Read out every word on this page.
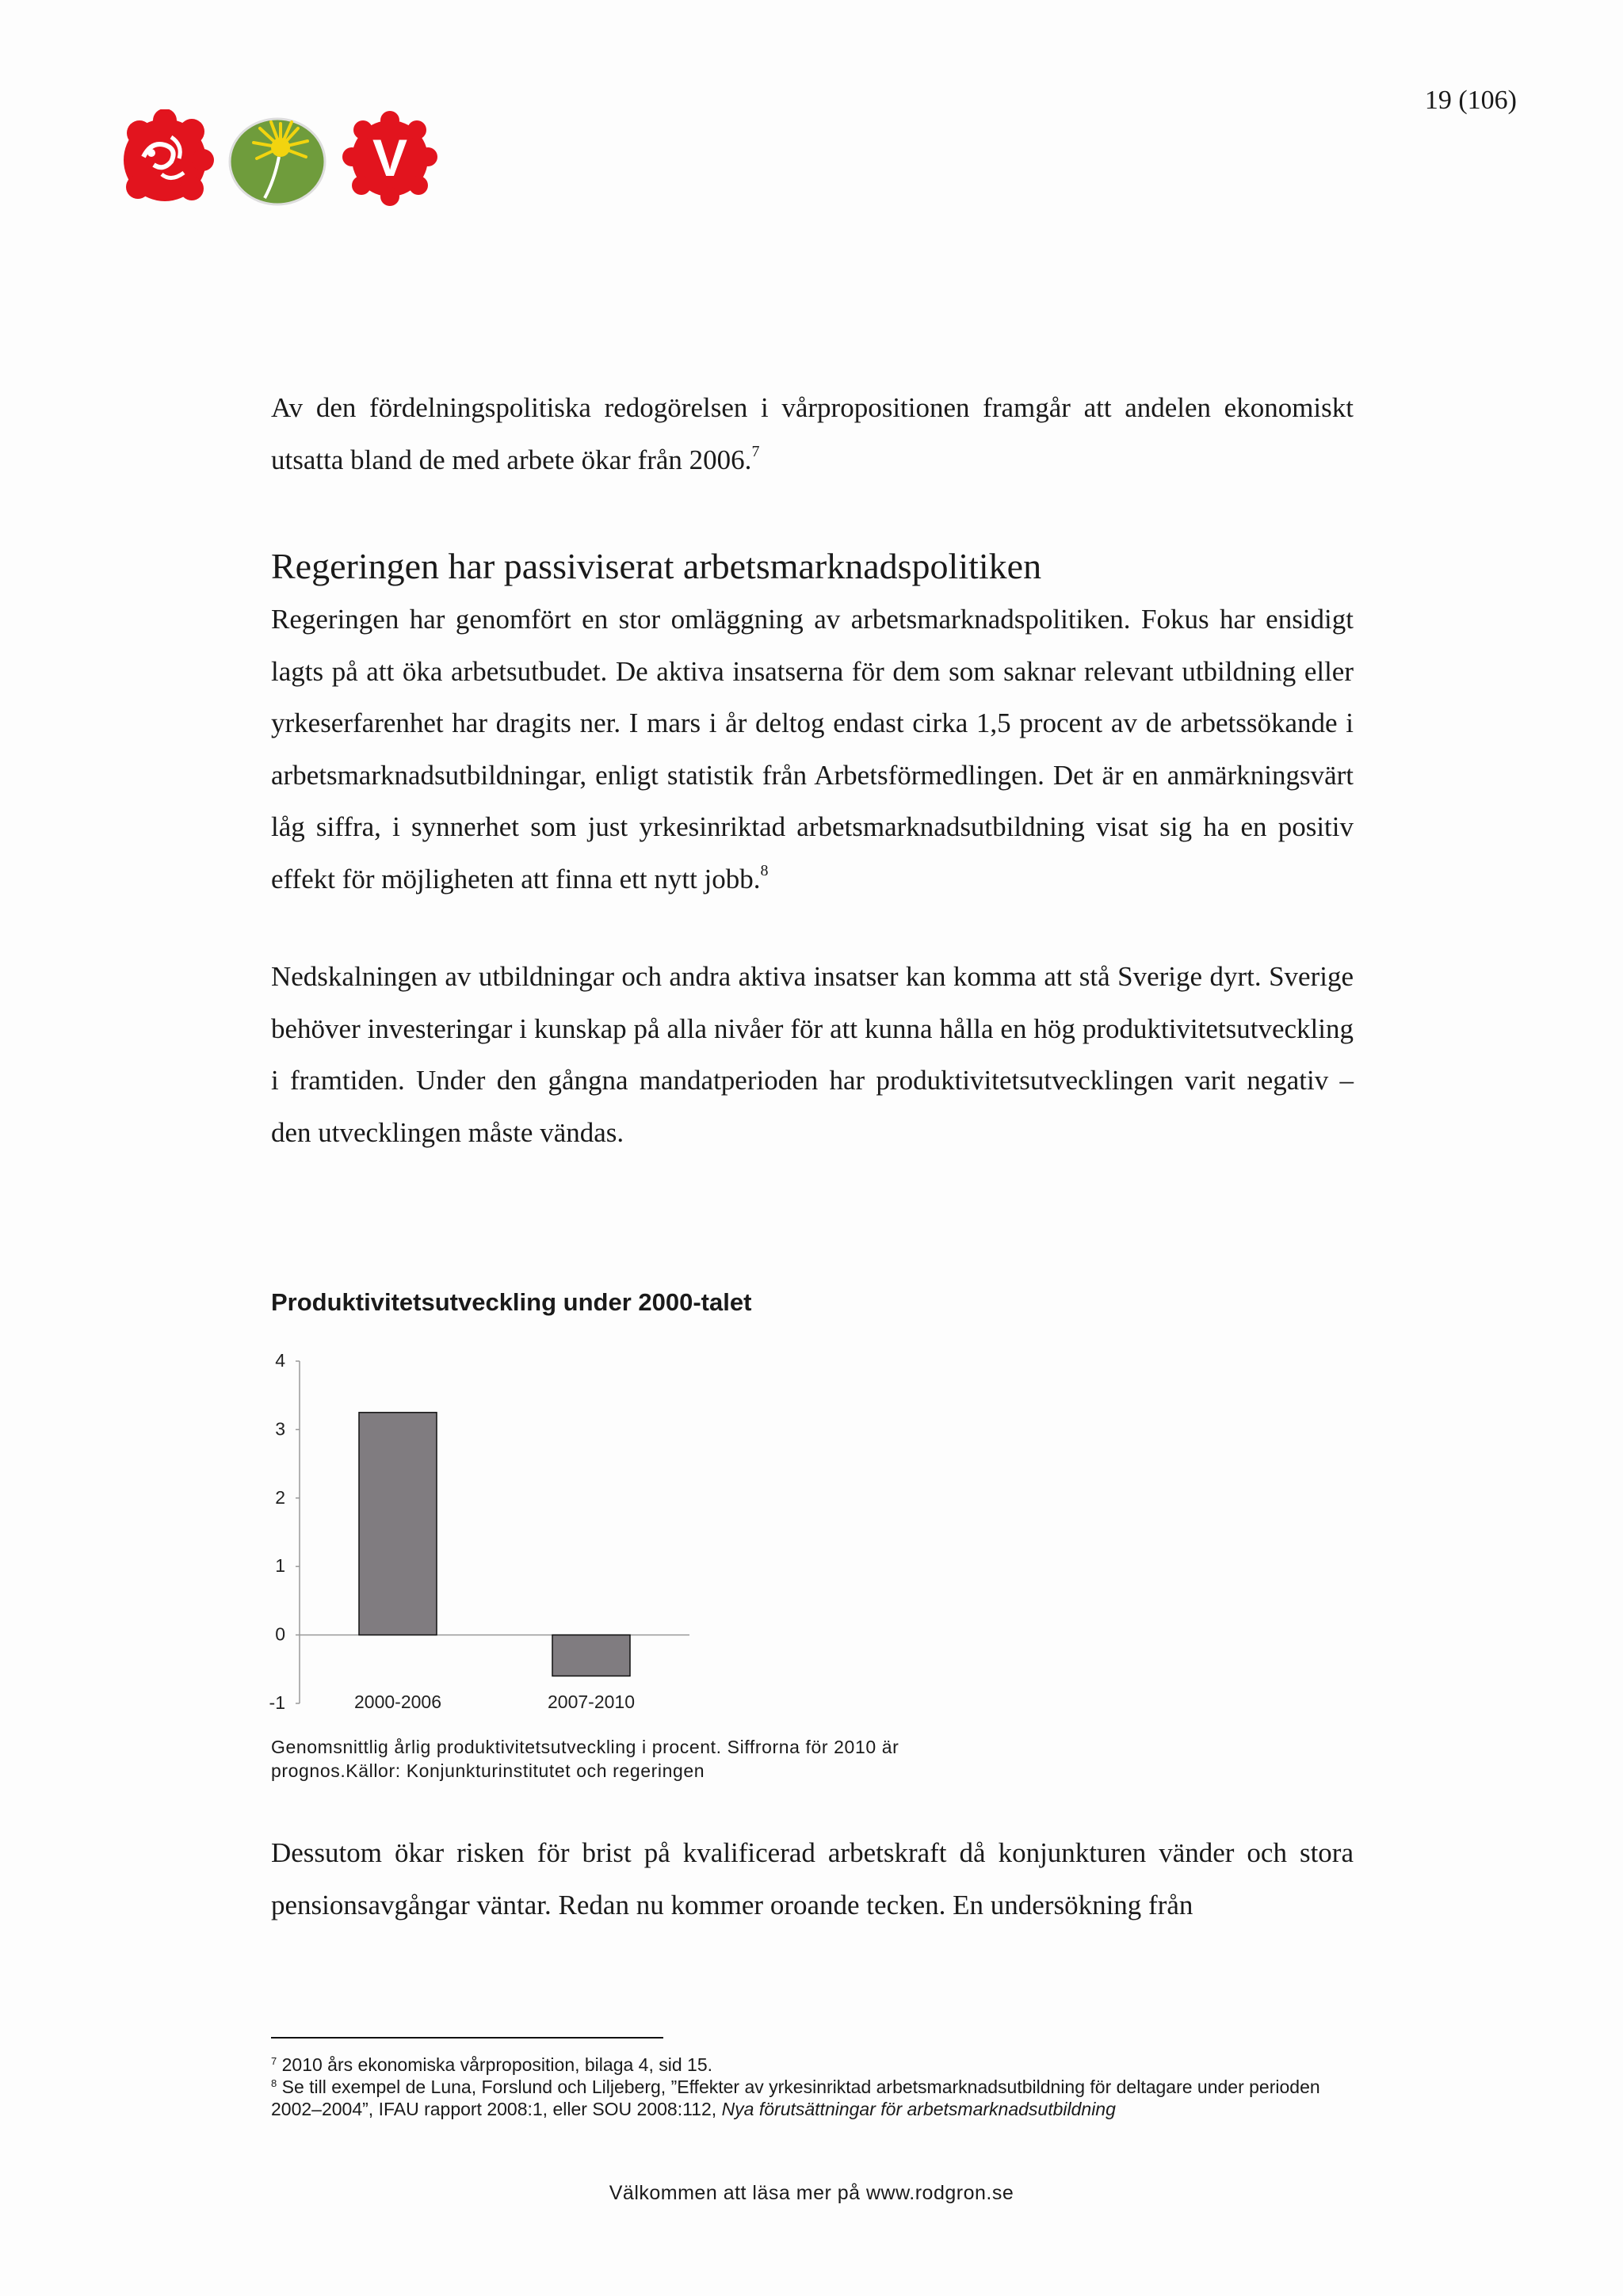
19 (106)
V

Av den fördelningspolitiska redogörelsen i vårpropositionen framgår att andelen ekonomiskt utsatta bland de med arbete ökar från 2006.$^7$

Regeringen har passiviserat arbetsmarknadspolitiken

Regeringen har genomfört en stor omläggning av arbetsmarknadspolitiken. Fokus har ensidigt lagts på att öka arbetsutbudet. De aktiva insatserna för dem som saknar relevant utbildning eller yrkeserfarenhet har dragits ner. I mars i år deltog endast cirka 1,5 procent av de arbetssökande i arbetsmarknadsutbildningar, enligt statistik från Arbetsförmedlingen. Det är en anmärkningsvärt låg siffra, i synnerhet som just yrkesinriktad arbetsmarknadsutbildning visat sig ha en positiv effekt för möjligheten att finna ett nytt jobb.$^8$

Nedskalningen av utbildningar och andra aktiva insatser kan komma att stå Sverige dyrt. Sverige behöver investeringar i kunskap på alla nivåer för att kunna hålla en hög produktivitetsutveckling i framtiden. Under den gångna mandatperioden har produktivitetsutvecklingen varit negativ – den utvecklingen måste vändas.

Produktivitetsutveckling under 2000-talet
4
3
2
1
0
-1	2000-2006	2007-2010
Genomsnittlig årlig produktivitetsutveckling i procent. Siffrorna för 2010 är prognos.Källor: Konjunkturinstitutet och regeringen

Dessutom ökar risken för brist på kvalificerad arbetskraft då konjunkturen vänder och stora pensionsavgångar väntar. Redan nu kommer oroande tecken. En undersökning från

$^7$ 2010 års ekonomiska vårproposition, bilaga 4, sid 15.
$^8$ Se till exempel de Luna, Forslund och Liljeberg, ”Effekter av yrkesinriktad arbetsmarknadsutbildning för deltagare under perioden 2002–2004”, IFAU rapport 2008:1, eller SOU 2008:112, Nya förutsättningar för arbetsmarknadsutbildning
Välkommen att läsa mer på www.rodgron.se
